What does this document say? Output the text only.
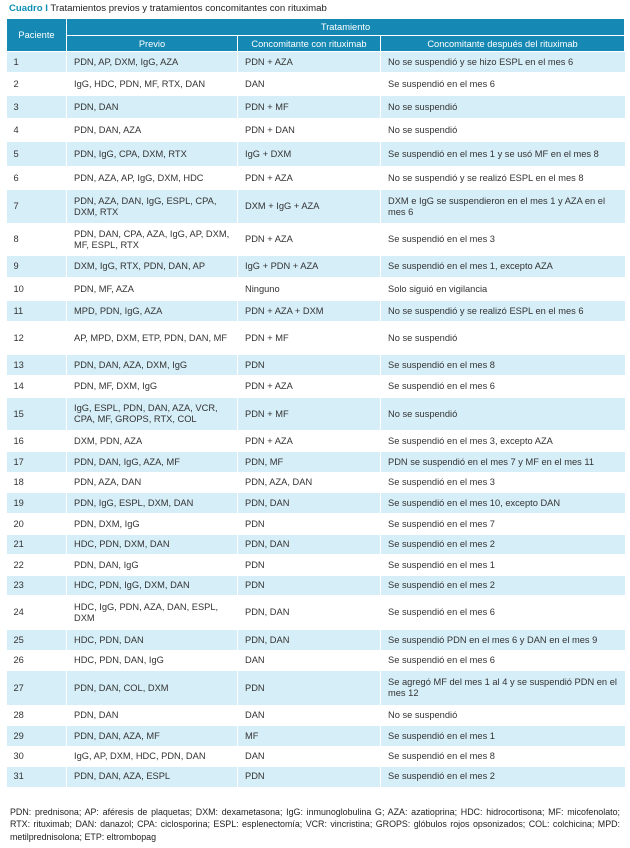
Cuadro I Tratamientos previos y tratamientos concomitantes con rituximab
Paciente	Tratamiento		
	Previo	Concomitante con rituximab	Concomitante después del rituximab
1	PDN, AP, DXM, IgG, AZA	PDN + AZA	No se suspendió y se hizo ESPL en el mes 6
2	IgG, HDC, PDN, MF, RTX, DAN	DAN	Se suspendió en el mes 6
3	PDN, DAN	PDN + MF	No se suspendió
4	PDN, DAN, AZA	PDN + DAN	No se suspendió
5	PDN, IgG, CPA, DXM, RTX	IgG + DXM	Se suspendió en el mes 1 y se usó MF en el mes 8
6	PDN, AZA, AP, IgG, DXM, HDC	PDN + AZA	No se suspendió y se realizó ESPL en el mes 8
7	PDN, AZA, DAN, IgG, ESPL, CPA, DXM, RTX	DXM + IgG + AZA	DXM e IgG se suspendieron en el mes 1 y AZA en el mes 6
8	PDN, DAN, CPA, AZA, IgG, AP, DXM, MF, ESPL, RTX	PDN + AZA	Se suspendió en el mes 3
9	DXM, IgG, RTX, PDN, DAN, AP	IgG + PDN + AZA	Se suspendió en el mes 1, excepto AZA
10	PDN, MF, AZA	Ninguno	Solo siguió en vigilancia
11	MPD, PDN, IgG, AZA	PDN + AZA + DXM	No se suspendió y se realizó ESPL en el mes 6
12	AP, MPD, DXM, ETP, PDN, DAN, MF	PDN + MF	No se suspendió
13	PDN, DAN, AZA, DXM, IgG	PDN	Se suspendió en el mes 8
14	PDN, MF, DXM, IgG	PDN + AZA	Se suspendió en el mes 6
15	IgG, ESPL, PDN, DAN, AZA, VCR, CPA, MF, GROPS, RTX, COL	PDN + MF	No se suspendió
16	DXM, PDN, AZA	PDN + AZA	Se suspendió en el mes 3, excepto AZA
17	PDN, DAN, IgG, AZA, MF	PDN, MF	PDN se suspendió en el mes 7 y MF en el mes 11
18	PDN, AZA, DAN	PDN, AZA, DAN	Se suspendió en el mes 3
19	PDN, IgG, ESPL, DXM, DAN	PDN, DAN	Se suspendió en el mes 10, excepto DAN
20	PDN, DXM, IgG	PDN	Se suspendió en el mes 7
21	HDC, PDN, DXM, DAN	PDN, DAN	Se suspendió en el mes 2
22	PDN, DAN, IgG	PDN	Se suspendió en el mes 1
23	HDC, PDN, IgG, DXM, DAN	PDN	Se suspendió en el mes 2
24	HDC, IgG, PDN, AZA, DAN, ESPL, DXM	PDN, DAN	Se suspendió en el mes 6
25	HDC, PDN, DAN	PDN, DAN	Se suspendió PDN en el mes 6 y DAN en el mes 9
26	HDC, PDN, DAN, IgG	DAN	Se suspendió en el mes 6
27	PDN, DAN, COL, DXM	PDN	Se agregó MF del mes 1 al 4 y se suspendió PDN en el mes 12
28	PDN, DAN	DAN	No se suspendió
29	PDN, DAN, AZA, MF	MF	Se suspendió en el mes 1
30	IgG, AP, DXM, HDC, PDN, DAN	DAN	Se suspendió en el mes 8
31	PDN, DAN, AZA, ESPL	PDN	Se suspendió en el mes 2
PDN: prednisona; AP: aféresis de plaquetas; DXM: dexametasona; IgG: inmunoglobulina G; AZA: azatioprina; HDC: hidrocortisona; MF: micofenolato; RTX: rituximab; DAN: danazol; CPA: ciclosporina; ESPL: esplenectomía; VCR: vincristina; GROPS: glóbulos rojos opsonizados; COL: colchicina; MPD: metilprednisolona; ETP: eltrombopag
